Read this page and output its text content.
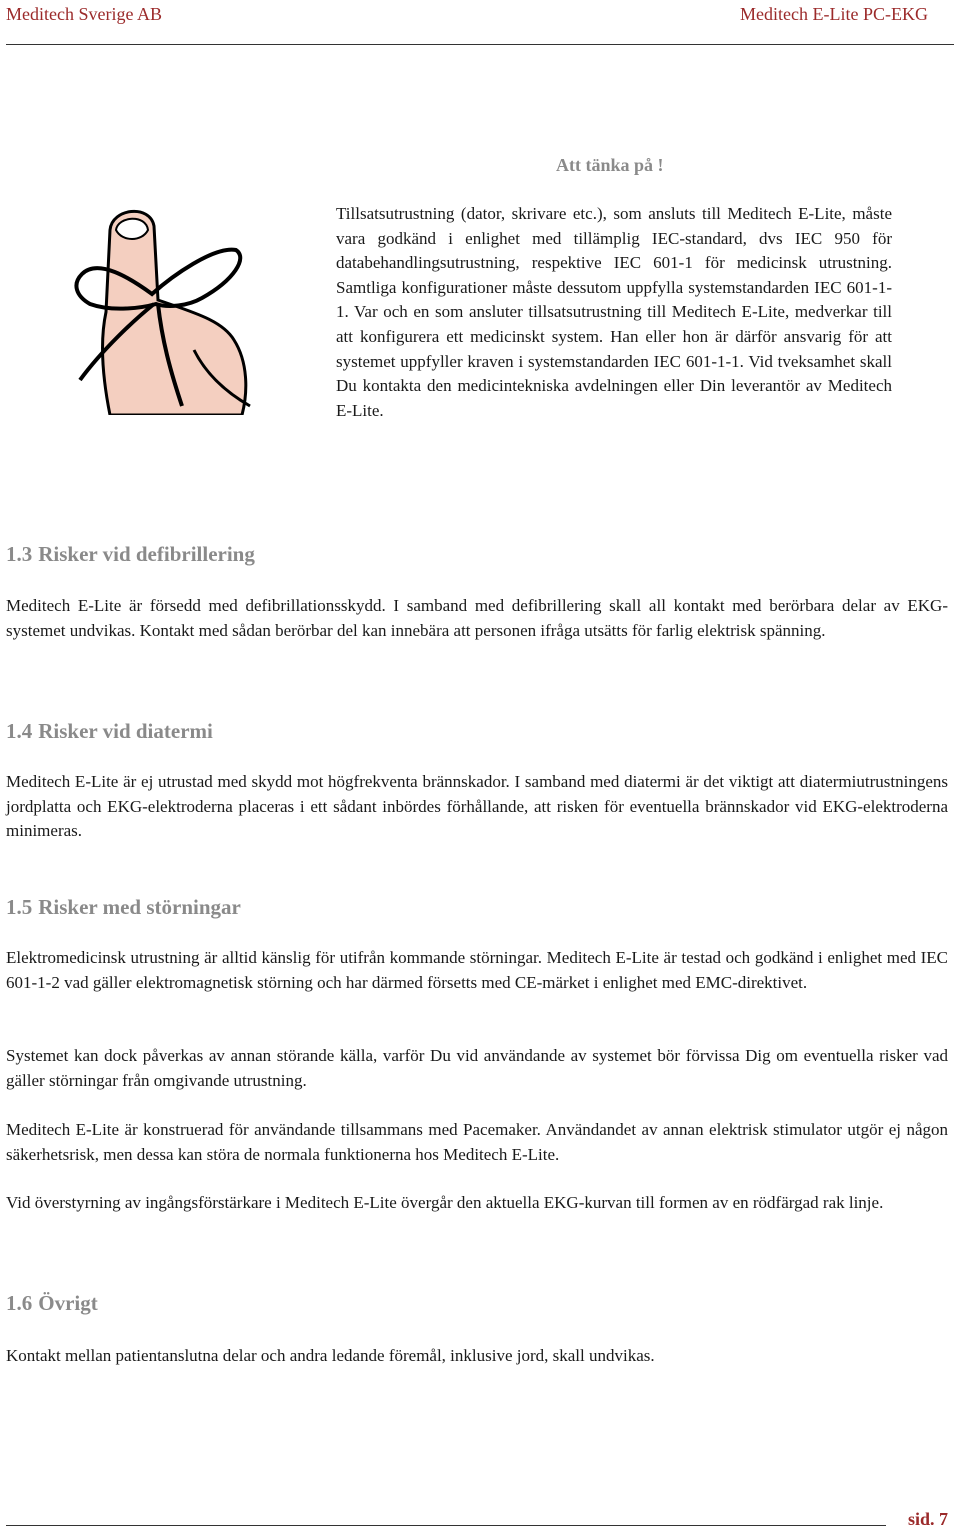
Meditech Sverige AB	Meditech E-Lite PC-EKG
Att tänka på !
Tillsatsutrustning (dator, skrivare etc.), som ansluts till Meditech E-Lite, måste vara godkänd i enlighet med tillämplig IEC-standard, dvs IEC 950 för databehandlingsutrustning, respektive IEC 601-1 för medicinsk utrustning. Samtliga konfigurationer måste dessutom uppfylla systemstandarden IEC 601-1-1. Var och en som ansluter tillsatsutrustning till Meditech E-Lite, medverkar till att konfigurera ett medicinskt system. Han eller hon är därför ansvarig för att systemet uppfyller kraven i systemstandarden IEC 601-1-1. Vid tveksamhet skall Du kontakta den medicintekniska avdelningen eller Din leverantör av Meditech E-Lite.
1.3 Risker vid defibrillering

Meditech E-Lite är försedd med defibrillationsskydd. I samband med defibrillering skall all kontakt med berörbara delar av EKG-systemet undvikas. Kontakt med sådan berörbar del kan innebära att personen ifråga utsätts för farlig elektrisk spänning.

1.4 Risker vid diatermi

Meditech E-Lite är ej utrustad med skydd mot högfrekventa brännskador. I samband med diatermi är det viktigt att diatermiutrustningens jordplatta och EKG-elektroderna placeras i ett sådant inbördes förhållande, att risken för eventuella brännskador vid EKG-elektroderna minimeras.

1.5 Risker med störningar

Elektromedicinsk utrustning är alltid känslig för utifrån kommande störningar. Meditech E-Lite är testad och godkänd i enlighet med IEC 601-1-2 vad gäller elektromagnetisk störning och har därmed försetts med CE-märket i enlighet med EMC-direktivet.

Systemet kan dock påverkas av annan störande källa, varför Du vid användande av systemet bör förvissa Dig om eventuella risker vad gäller störningar från omgivande utrustning.

Meditech E-Lite är konstruerad för användande tillsammans med Pacemaker. Användandet av annan elektrisk stimulator utgör ej någon säkerhetsrisk, men dessa kan störa de normala funktionerna hos Meditech E-Lite.

Vid överstyrning av ingångsförstärkare i Meditech E-Lite övergår den aktuella EKG-kurvan till formen av en rödfärgad rak linje.

1.6 Övrigt

Kontakt mellan patientanslutna delar och andra ledande föremål, inklusive jord, skall undvikas.

sid. 7
